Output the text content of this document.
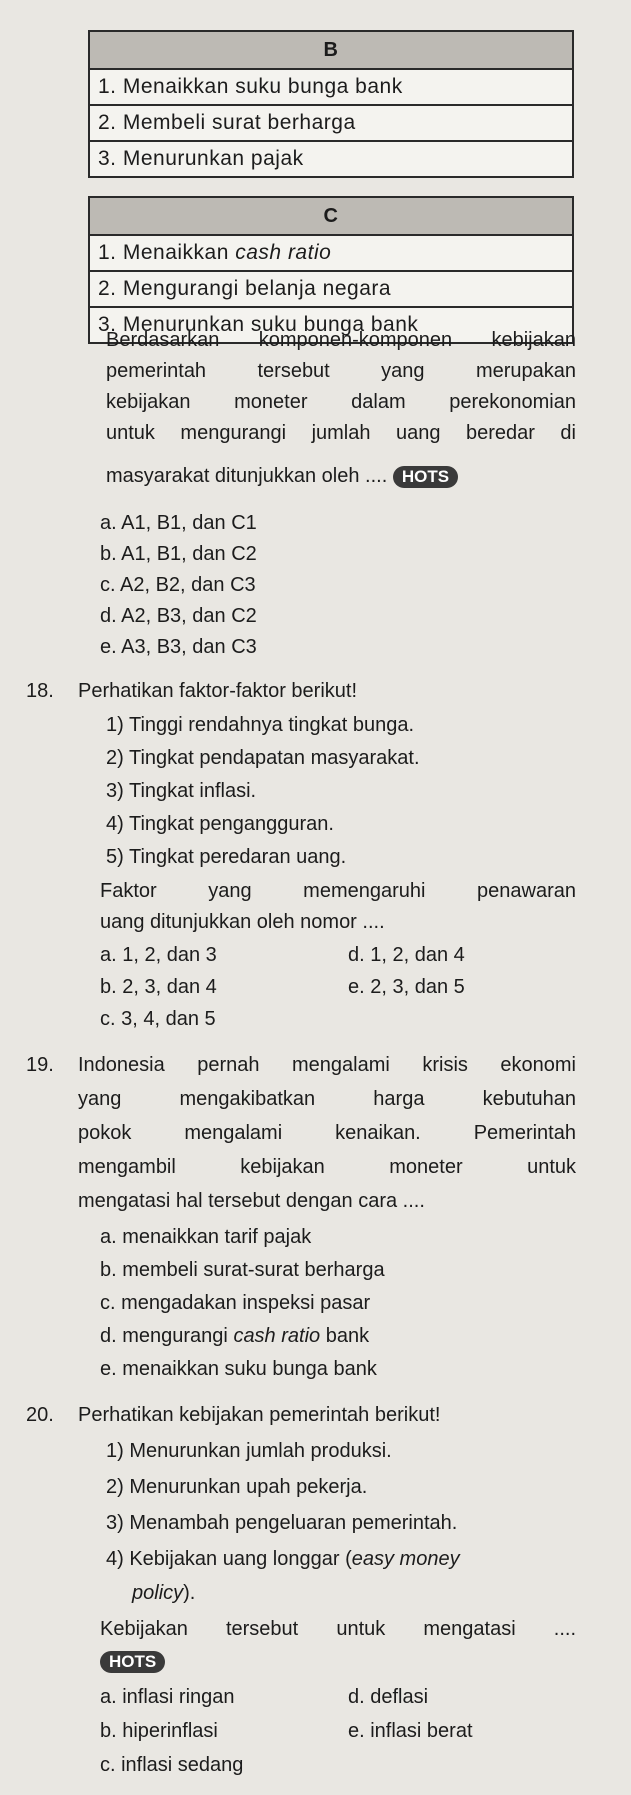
B
1. Menaikkan suku bunga bank
2. Membeli surat berharga
3. Menurunkan pajak
C
1. Menaikkan cash ratio
2. Mengurangi belanja negara
3. Menurunkan suku bunga bank
Berdasarkan komponen-komponen kebijakan
pemerintah tersebut yang merupakan
kebijakan moneter dalam perekonomian
untuk mengurangi jumlah uang beredar di
masyarakat ditunjukkan oleh .... HOTS
a. A1, B1, dan C1
b. A1, B1, dan C2
c. A2, B2, dan C3
d. A2, B3, dan C2
e. A3, B3, dan C3
18. Perhatikan faktor-faktor berikut!
1) Tinggi rendahnya tingkat bunga.
2) Tingkat pendapatan masyarakat.
3) Tingkat inflasi.
4) Tingkat pengangguran.
5) Tingkat peredaran uang.
Faktor yang memengaruhi penawaran
uang ditunjukkan oleh nomor ....
a. 1, 2, dan 3	d. 1, 2, dan 4
b. 2, 3, dan 4	e. 2, 3, dan 5
c. 3, 4, dan 5
19. Indonesia pernah mengalami krisis ekonomi
yang mengakibatkan harga kebutuhan
pokok mengalami kenaikan. Pemerintah
mengambil kebijakan moneter untuk
mengatasi hal tersebut dengan cara ....
a. menaikkan tarif pajak
b. membeli surat-surat berharga
c. mengadakan inspeksi pasar
d. mengurangi cash ratio bank
e. menaikkan suku bunga bank
20. Perhatikan kebijakan pemerintah berikut!
1) Menurunkan jumlah produksi.
2) Menurunkan upah pekerja.
3) Menambah pengeluaran pemerintah.
4) Kebijakan uang longgar (easy money
policy).
Kebijakan tersebut untuk mengatasi ....
HOTS
a. inflasi ringan	d. deflasi
b. hiperinflasi	e. inflasi berat
c. inflasi sedang
